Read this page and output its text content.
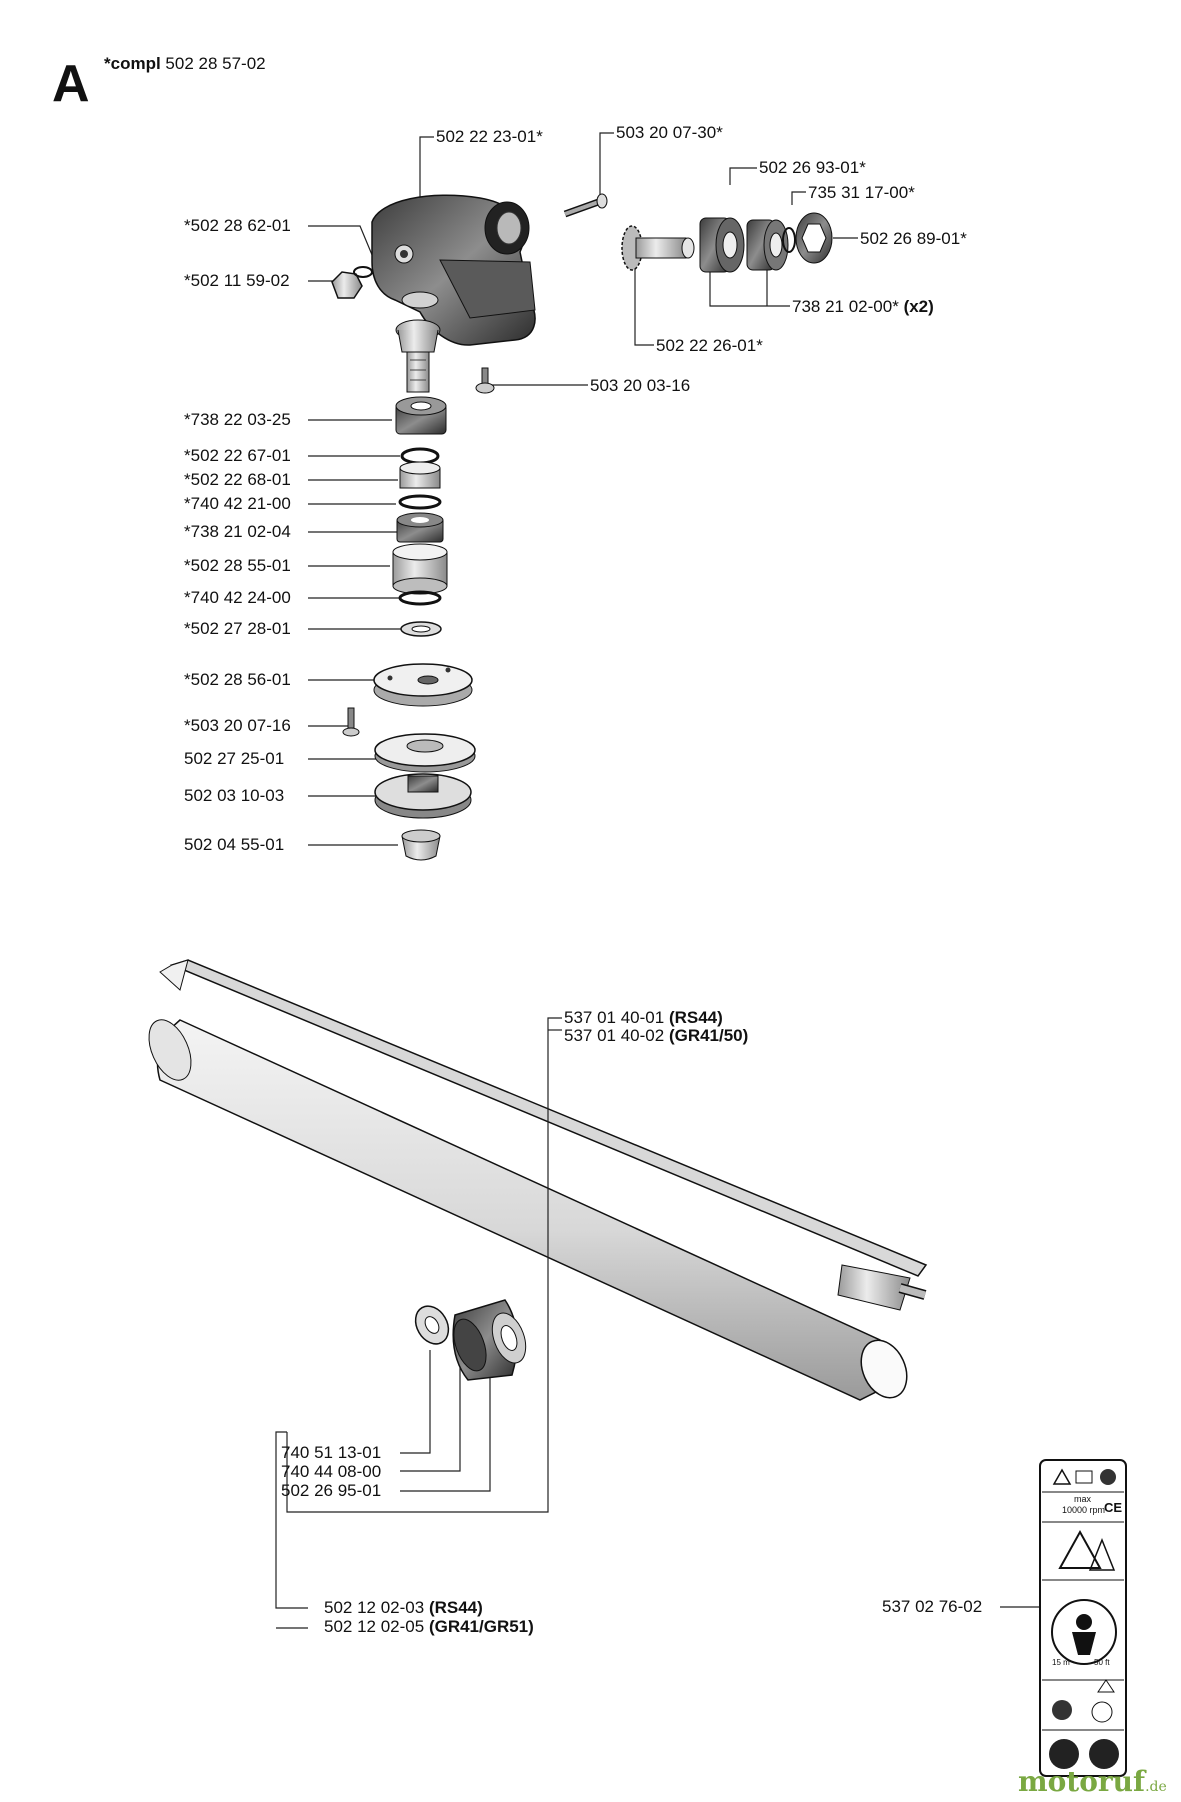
A *compl 502 28 57-02
502 22 23-01*	503 20 07-30*
502 26 93-01*
735 31 17-00*
502 26 89-01*
*502 28 62-01
*502 11 59-02
738 21 02-00* (x2)
502 22 26-01*
503 20 03-16
*738 22 03-25
*502 22 67-01
*502 22 68-01
*740 42 21-00
*738 21 02-04
*502 28 55-01
*740 42 24-00
*502 27 28-01
*502 28 56-01
*503 20 07-16
502 27 25-01
502 03 10-03
502 04 55-01
537 01 40-01 (RS44)
537 01 40-02 (GR41/50)
740 51 13-01
740 44 08-00
502 26 95-01
502 12 02-03 (RS44)
502 12 02-05 (GR41/GR51)
537 02 76-02
max
10000 rpm
CE
15 m	50 ft
motoruf.de
